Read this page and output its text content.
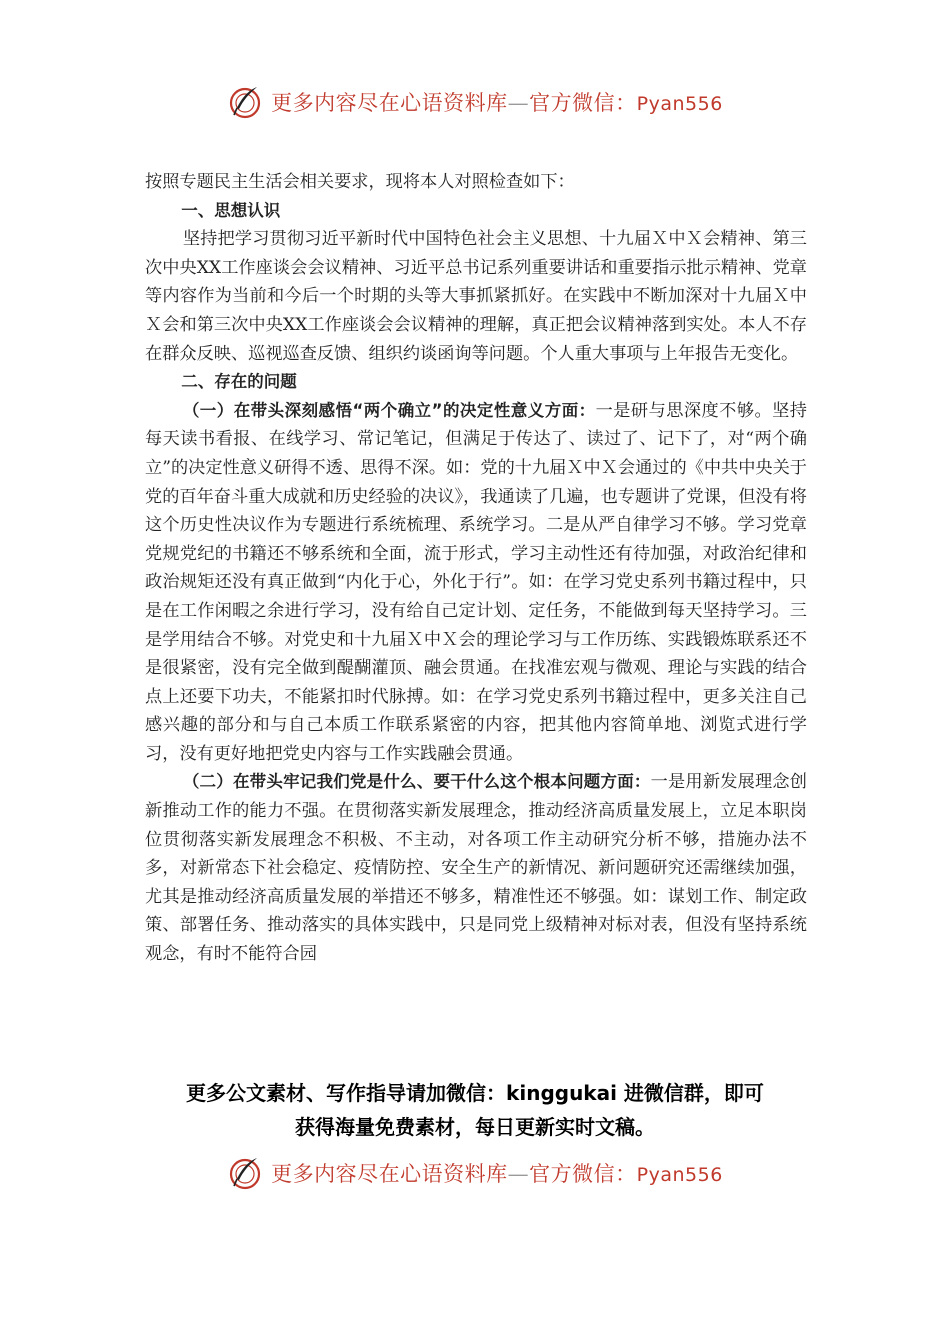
更多内容尽在心语资料库—官方微信：Pyan556

按照专题民主生活会相关要求，现将本人对照检查如下：

一、思想认识

坚持把学习贯彻习近平新时代中国特色社会主义思想、十九届Ｘ中Ｘ会精神、第三次中央XX工作座谈会会议精神、习近平总书记系列重要讲话和重要指示批示精神、党章等内容作为当前和今后一个时期的头等大事抓紧抓好。在实践中不断加深对十九届Ｘ中Ｘ会和第三次中央XX工作座谈会会议精神的理解，真正把会议精神落到实处。本人不存在群众反映、巡视巡查反馈、组织约谈函询等问题。个人重大事项与上年报告无变化。

二、存在的问题

（一）在带头深刻感悟“两个确立”的决定性意义方面：一是研与思深度不够。坚持每天读书看报、在线学习、常记笔记，但满足于传达了、读过了、记下了，对“两个确立”的决定性意义研得不透、思得不深。如：党的十九届Ｘ中Ｘ会通过的《中共中央关于党的百年奋斗重大成就和历史经验的决议》，我通读了几遍，也专题讲了党课，但没有将这个历史性决议作为专题进行系统梳理、系统学习。二是从严自律学习不够。学习党章党规党纪的书籍还不够系统和全面，流于形式，学习主动性还有待加强，对政治纪律和政治规矩还没有真正做到“内化于心，外化于行”。如：在学习党史系列书籍过程中，只是在工作闲暇之余进行学习，没有给自己定计划、定任务，不能做到每天坚持学习。三是学用结合不够。对党史和十九届Ｘ中Ｘ会的理论学习与工作历练、实践锻炼联系还不是很紧密，没有完全做到醍醐灌顶、融会贯通。在找准宏观与微观、理论与实践的结合点上还要下功夫，不能紧扣时代脉搏。如：在学习党史系列书籍过程中，更多关注自己感兴趣的部分和与自己本质工作联系紧密的内容，把其他内容简单地、浏览式进行学习，没有更好地把党史内容与工作实践融会贯通。

（二）在带头牢记我们党是什么、要干什么这个根本问题方面：一是用新发展理念创新推动工作的能力不强。在贯彻落实新发展理念，推动经济高质量发展上，立足本职岗位贯彻落实新发展理念不积极、不主动，对各项工作主动研究分析不够，措施办法不多，对新常态下社会稳定、疫情防控、安全生产的新情况、新问题研究还需继续加强，尤其是推动经济高质量发展的举措还不够多，精准性还不够强。如：谋划工作、制定政策、部署任务、推动落实的具体实践中，只是同党上级精神对标对表，但没有坚持系统观念，有时不能符合园

更多公文素材、写作指导请加微信：kinggukai 进微信群，即可

获得海量免费素材，每日更新实时文稿。

更多内容尽在心语资料库—官方微信：Pyan556
